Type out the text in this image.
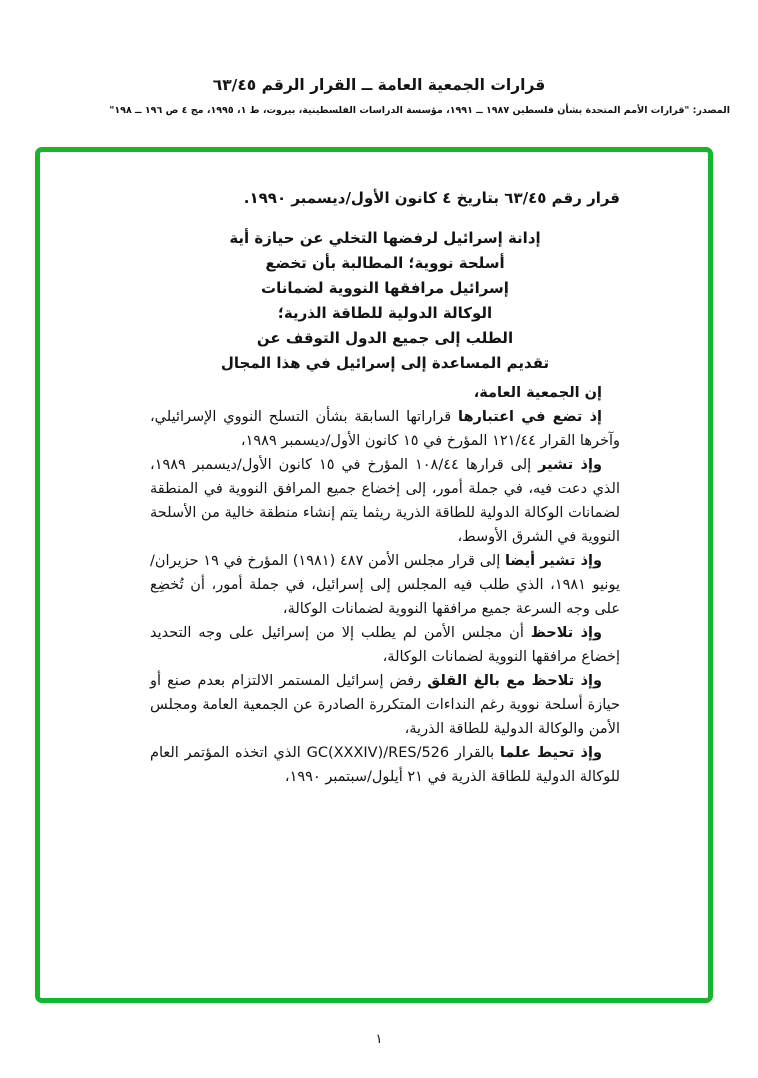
قرارات الجمعية العامة ــ القرار الرقم ٦٣/٤٥
المصدر: "قرارات الأمم المتحدة بشأن فلسطين ١٩٨٧ ــ ١٩٩١، مؤسسة الدراسات الفلسطينية، بيروت، ط ١، ١٩٩٥، مج ٤ ص ١٩٦ ــ ١٩٨"
قرار رقم ٦٣/٤٥ بتاريخ ٤ كانون الأول/ديسمبر ١٩٩٠.
إدانة إسرائيل لرفضها التخلي عن حيازة أية
أسلحة نووية؛ المطالبة بأن تخضع
إسرائيل مرافقها النووية لضمانات
الوكالة الدولية للطاقة الذرية؛
الطلب إلى جميع الدول التوقف عن
تقديم المساعدة إلى إسرائيل في هذا المجال

إن الجمعية العامة،

إذ تضع في اعتبارها قراراتها السابقة بشأن التسلح النووي الإسرائيلي، وآخرها القرار ١٢١/٤٤ المؤرخ في ١٥ كانون الأول/ديسمبر ١٩٨٩،

وإذ تشير إلى قرارها ١٠٨/٤٤ المؤرخ في ١٥ كانون الأول/ديسمبر ١٩٨٩، الذي دعت فيه، في جملة أمور، إلى إخضاع جميع المرافق النووية في المنطقة لضمانات الوكالة الدولية للطاقة الذرية ريثما يتم إنشاء منطقة خالية من الأسلحة النووية في الشرق الأوسط،

وإذ تشير أيضا إلى قرار مجلس الأمن ٤٨٧ (١٩٨١) المؤرخ في ١٩ حزيران/يونيو ١٩٨١، الذي طلب فيه المجلس إلى إسرائيل، في جملة أمور، أن تُخضِع على وجه السرعة جميع مرافقها النووية لضمانات الوكالة،

وإذ تلاحظ أن مجلس الأمن لم يطلب إلا من إسرائيل على وجه التحديد إخضاع مرافقها النووية لضمانات الوكالة،

وإذ تلاحظ مع بالغ القلق رفض إسرائيل المستمر الالتزام بعدم صنع أو حيازة أسلحة نووية رغم النداءات المتكررة الصادرة عن الجمعية العامة ومجلس الأمن والوكالة الدولية للطاقة الذرية،

وإذ تحيط علما بالقرار GC(XXXIV)/RES/526 الذي اتخذه المؤتمر العام للوكالة الدولية للطاقة الذرية في ٢١ أيلول/سبتمبر ١٩٩٠،

١
